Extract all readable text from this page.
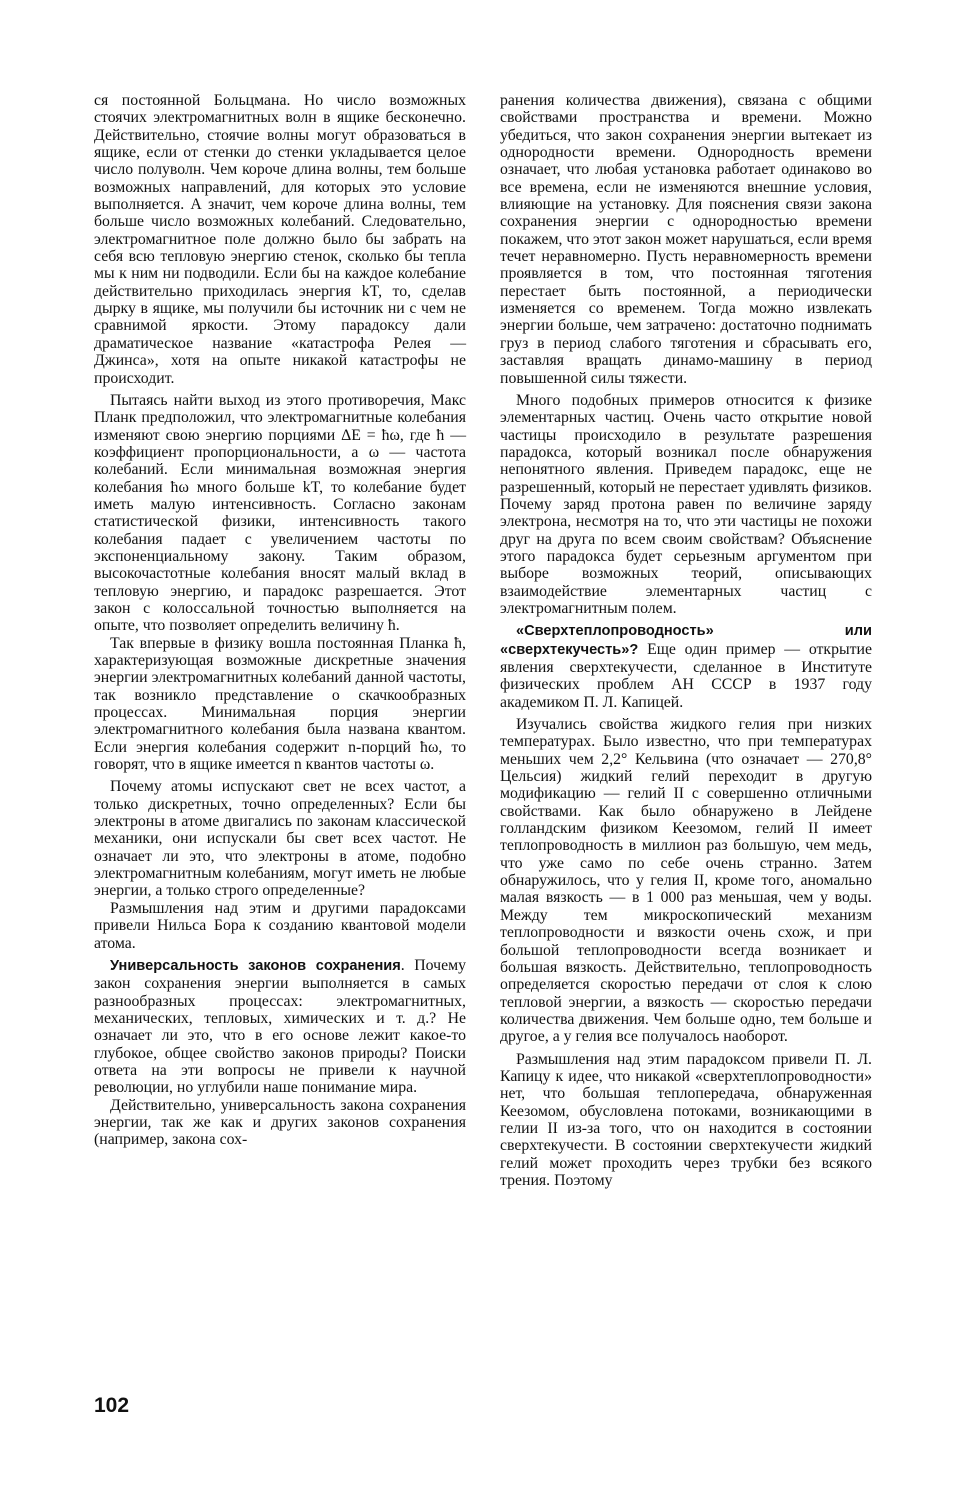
ся постоянной Больцмана. Но число возможных стоячих электромагнитных волн в ящике бесконечно. Действительно, стоячие волны могут образоваться в ящике, если от стенки до стенки укладывается целое число полуволн. Чем короче длина волны, тем больше возможных направлений, для которых это условие выполняется. А значит, чем короче длина волны, тем больше число возможных колебаний. Следовательно, электромагнитное поле должно было бы забрать на себя всю тепловую энергию стенок, сколько бы тепла мы к ним ни подводили. Если бы на каждое колебание действительно приходилась энергия kT, то, сделав дырку в ящике, мы получили бы источник ни с чем не сравнимой яркости. Этому парадоксу дали драматическое название «катастрофа Релея — Джинса», хотя на опыте никакой катастрофы не происходит.

Пытаясь найти выход из этого противоречия, Макс Планк предположил, что электромагнитные колебания изменяют свою энергию порциями ΔE = ħω, где ħ — коэффициент пропорциональности, а ω — частота колебаний. Если минимальная возможная энергия колебания ħω много больше kT, то колебание будет иметь малую интенсивность. Согласно законам статистической физики, интенсивность такого колебания падает с увеличением частоты по экспоненциальному закону. Таким образом, высокочастотные колебания вносят малый вклад в тепловую энергию, и парадокс разрешается. Этот закон с колоссальной точностью выполняется на опыте, что позволяет определить величину ħ.

Так впервые в физику вошла постоянная Планка ħ, характеризующая возможные дискретные значения энергии электромагнитных колебаний данной частоты, так возникло представление о скачкообразных процессах. Минимальная порция энергии электромагнитного колебания была названа квантом. Если энергия колебания содержит n-порций ħω, то говорят, что в ящике имеется n квантов частоты ω.

Почему атомы испускают свет не всех частот, а только дискретных, точно определенных? Если бы электроны в атоме двигались по законам классической механики, они испускали бы свет всех частот. Не означает ли это, что электроны в атоме, подобно электромагнитным колебаниям, могут иметь не любые энергии, а только строго определенные?

Размышления над этим и другими парадоксами привели Нильса Бора к созданию квантовой модели атома.

Универсальность законов сохранения. Почему закон сохранения энергии выполняется в самых разнообразных процессах: электромагнитных, механических, тепловых, химических и т. д.? Не означает ли это, что в его основе лежит какое-то глубокое, общее свойство законов природы? Поиски ответа на эти вопросы не привели к научной революции, но углубили наше понимание мира.

Действительно, универсальность закона сохранения энергии, так же как и других законов сохранения (например, закона сох-

ранения количества движения), связана с общими свойствами пространства и времени. Можно убедиться, что закон сохранения энергии вытекает из однородности времени. Однородность времени означает, что любая установка работает одинаково во все времена, если не изменяются внешние условия, влияющие на установку. Для пояснения связи закона сохранения энергии с однородностью времени покажем, что этот закон может нарушаться, если время течет неравномерно. Пусть неравномерность времени проявляется в том, что постоянная тяготения перестает быть постоянной, а периодически изменяется со временем. Тогда можно извлекать энергии больше, чем затрачено: достаточно поднимать груз в период слабого тяготения и сбрасывать его, заставляя вращать динамо-машину в период повышенной силы тяжести.

Много подобных примеров относится к физике элементарных частиц. Очень часто открытие новой частицы происходило в результате разрешения парадокса, который возникал после обнаружения непонятного явления. Приведем парадокс, еще не разрешенный, который не перестает удивлять физиков. Почему заряд протона равен по величине заряду электрона, несмотря на то, что эти частицы не похожи друг на друга по всем своим свойствам? Объяснение этого парадокса будет серьезным аргументом при выборе возможных теорий, описывающих взаимодействие элементарных частиц с электромагнитным полем.

«Сверхтеплопроводность» или «сверхтекучесть»? Еще один пример — открытие явления сверхтекучести, сделанное в Институте физических проблем АН СССР в 1937 году академиком П. Л. Капицей.

Изучались свойства жидкого гелия при низких температурах. Было известно, что при температурах меньших чем 2,2° Кельвина (что означает — 270,8° Цельсия) жидкий гелий переходит в другую модификацию — гелий II с совершенно отличными свойствами. Как было обнаружено в Лейдене голландским физиком Кеезомом, гелий II имеет теплопроводность в миллион раз большую, чем медь, что уже само по себе очень странно. Затем обнаружилось, что у гелия II, кроме того, аномально малая вязкость — в 1 000 раз меньшая, чем у воды. Между тем микроскопический механизм теплопроводности и вязкости очень схож, и при большой теплопроводности всегда возникает и большая вязкость. Действительно, теплопроводность определяется скоростью передачи от слоя к слою тепловой энергии, а вязкость — скоростью передачи количества движения. Чем больше одно, тем больше и другое, а у гелия все получалось наоборот.

Размышления над этим парадоксом привели П. Л. Капицу к идее, что никакой «сверхтеплопроводности» нет, что большая теплопередача, обнаруженная Кеезомом, обусловлена потоками, возникающими в гелии II из-за того, что он находится в состоянии сверхтекучести. В состоянии сверхтекучести жидкий гелий может проходить через трубки без всякого трения. Поэтому

102
